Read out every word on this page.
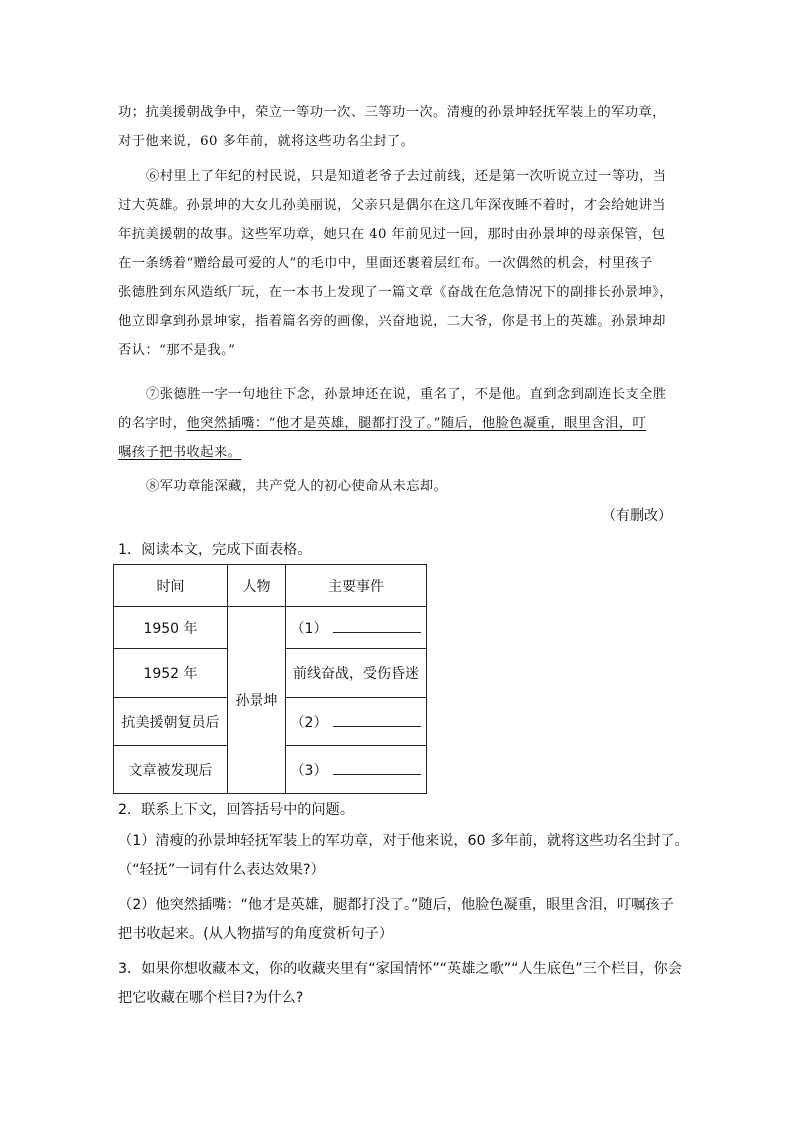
功；抗美援朝战争中，荣立一等功一次、三等功一次。清瘦的孙景坤轻抚军装上的军功章，

对于他来说，60 多年前，就将这些功名尘封了。

⑥村里上了年纪的村民说，只是知道老爷子去过前线，还是第一次听说立过一等功，当

过大英雄。孙景坤的大女儿孙美丽说，父亲只是偶尔在这几年深夜睡不着时，才会给她讲当

年抗美援朝的故事。这些军功章，她只在 40 年前见过一回，那时由孙景坤的母亲保管，包

在一条绣着“赠给最可爱的人”的毛巾中，里面还裹着层红布。一次偶然的机会，村里孩子

张德胜到东风造纸厂玩，在一本书上发现了一篇文章《奋战在危急情况下的副排长孙景坤》，

他立即拿到孙景坤家，指着篇名旁的画像，兴奋地说，二大爷，你是书上的英雄。孙景坤却

否认：“那不是我。”

⑦张德胜一字一句地往下念，孙景坤还在说，重名了，不是他。直到念到副连长支全胜

的名字时，他突然插嘴：“他才是英雄，腿都打没了。”随后，他脸色凝重，眼里含泪，叮

嘱孩子把书收起来。

⑧军功章能深藏，共产党人的初心使命从未忘却。

（有删改）

1．阅读本文，完成下面表格。

时间	人物	主要事件
1950 年	孙景坤	（1）
1952 年		前线奋战，受伤昏迷
抗美援朝复员后		（2）
文章被发现后		（3）

2．联系上下文，回答括号中的问题。

（1）清瘦的孙景坤轻抚军装上的军功章，对于他来说，60 多年前，就将这些功名尘封了。

（“轻抚”一词有什么表达效果?）

（2）他突然插嘴：“他才是英雄，腿都打没了。”随后，他脸色凝重，眼里含泪，叮嘱孩子

把书收起来。(从人物描写的角度赏析句子）

3．如果你想收藏本文，你的收藏夹里有“家国情怀”“英雄之歌”“人生底色”三个栏目，你会

把它收藏在哪个栏目?为什么?
